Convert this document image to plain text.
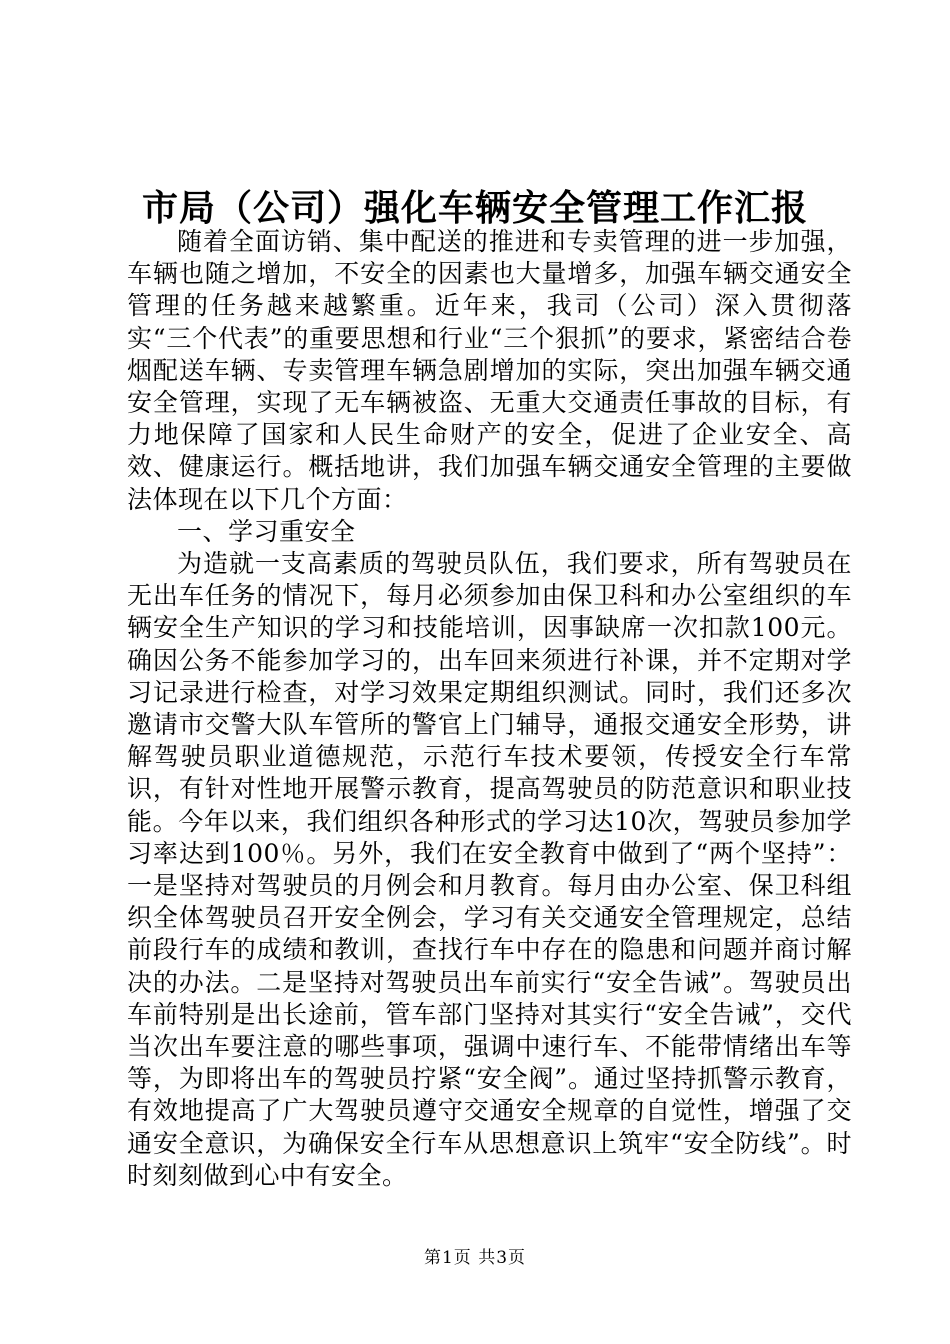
市局（公司）强化车辆安全管理工作汇报

随着全面访销、集中配送的推进和专卖管理的进一步加强，车辆也随之增加，不安全的因素也大量增多，加强车辆交通安全管理的任务越来越繁重。近年来，我司（公司）深入贯彻落实“三个代表”的重要思想和行业“三个狠抓”的要求，紧密结合卷烟配送车辆、专卖管理车辆急剧增加的实际，突出加强车辆交通安全管理，实现了无车辆被盗、无重大交通责任事故的目标，有力地保障了国家和人民生命财产的安全，促进了企业安全、高效、健康运行。概括地讲，我们加强车辆交通安全管理的主要做法体现在以下几个方面：

一、学习重安全

为造就一支高素质的驾驶员队伍，我们要求，所有驾驶员在无出车任务的情况下，每月必须参加由保卫科和办公室组织的车辆安全生产知识的学习和技能培训，因事缺席一次扣款100元。确因公务不能参加学习的，出车回来须进行补课，并不定期对学习记录进行检查，对学习效果定期组织测试。同时，我们还多次邀请市交警大队车管所的警官上门辅导，通报交通安全形势，讲解驾驶员职业道德规范，示范行车技术要领，传授安全行车常识，有针对性地开展警示教育，提高驾驶员的防范意识和职业技能。今年以来，我们组织各种形式的学习达10次，驾驶员参加学习率达到100％。另外，我们在安全教育中做到了“两个坚持”：一是坚持对驾驶员的月例会和月教育。每月由办公室、保卫科组织全体驾驶员召开安全例会，学习有关交通安全管理规定，总结前段行车的成绩和教训，查找行车中存在的隐患和问题并商讨解决的办法。二是坚持对驾驶员出车前实行“安全告诫”。驾驶员出车前特别是出长途前，管车部门坚持对其实行“安全告诫”，交代当次出车要注意的哪些事项，强调中速行车、不能带情绪出车等等，为即将出车的驾驶员拧紧“安全阀”。通过坚持抓警示教育，有效地提高了广大驾驶员遵守交通安全规章的自觉性，增强了交通安全意识，为确保安全行车从思想意识上筑牢“安全防线”。时时刻刻做到心中有安全。

第1页 共3页
